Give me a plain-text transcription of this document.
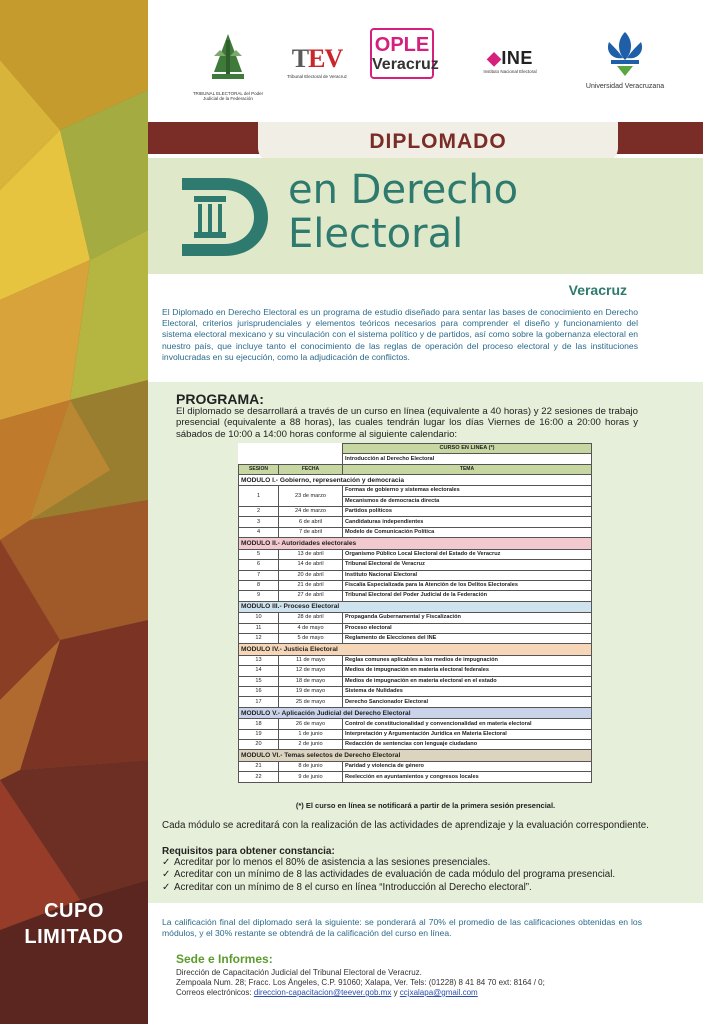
CUPO
LIMITADO
TRIBUNAL ELECTORAL del Poder Judicial de la Federación
TEV
Tribunal Electoral de Veracruz
OPLE
Veracruz	◆INE
Instituto Nacional Electoral
Universidad Veracruzana
DIPLOMADO
en Derecho
Electoral
Veracruz
El Diplomado en Derecho Electoral es un programa de estudio diseñado para sentar las bases de conocimiento en Derecho Electoral, criterios jurisprudenciales y elementos teóricos necesarios para comprender el diseño y funcionamiento del sistema electoral mexicano y su vinculación con el sistema político y de partidos, así como sobre la gobernanza electoral en nuestro país, que incluye tanto el conocimiento de las reglas de operación del proceso electoral y de las instituciones involucradas en su ejecución, como la adjudicación de conflictos.
PROGRAMA:
El diplomado se desarrollará a través de un curso en línea (equivalente a 40 horas) y 22 sesiones de trabajo presencial (equivalente a 88 horas), las cuales tendrán lugar los días Viernes de 16:00 a 20:00 horas y sábados de 10:00 a 14:00 horas conforme al siguiente calendario:
		CURSO EN LINEA (*)
		Introducción al Derecho Electoral
SESION	FECHA	TEMA
MODULO I.- Gobierno, representación y democracia		
1	23 de marzo	Formas de gobierno y sistemas electorales
		Mecanismos de democracia directa
2	24 de marzo	Partidos políticos
3	6 de abril	Candidaturas independientes
4	7 de abril	Modelo de Comunicación Política
MODULO II.- Autoridades electorales		
5	13 de abril	Organismo Público Local Electoral del Estado de Veracruz
6	14 de abril	Tribunal Electoral de Veracruz
7	20 de abril	Instituto Nacional Electoral
8	21 de abril	Fiscalía Especializada para la Atención de los Delitos Electorales
9	27 de abril	Tribunal Electoral del Poder Judicial de la Federación
MODULO III.- Proceso Electoral		
10	28 de abril	Propaganda Gubernamental y Fiscalización
11	4 de mayo	Proceso electoral
12	5 de mayo	Reglamento de Elecciones del INE
MODULO IV.- Justicia Electoral		
13	11 de mayo	Reglas comunes aplicables a los medios de impugnación
14	12 de mayo	Medios de impugnación en materia electoral federales
15	18 de mayo	Medios de impugnación en materia electoral en el estado
16	19 de mayo	Sistema de Nulidades
17	25 de mayo	Derecho Sancionador Electoral
MODULO V.- Aplicación Judicial del Derecho Electoral		
18	26 de mayo	Control de constitucionalidad y convencionalidad en materia electoral
19	1 de junio	Interpretación y Argumentación Jurídica en Materia Electoral
20	2 de junio	Redacción de sentencias con lenguaje ciudadano
MODULO VI.- Temas selectos de Derecho Electoral		
21	8 de junio	Paridad y violencia de género
22	9 de junio	Reelección en ayuntamientos y congresos locales
(*) El curso en línea se notificará a partir de la primera sesión presencial.
Cada módulo se acreditará con la realización de las actividades de aprendizaje y la evaluación correspondiente.
Requisitos para obtener constancia:
✓ Acreditar por lo menos el 80% de asistencia a las sesiones presenciales.
✓ Acreditar con un mínimo de 8 las actividades de evaluación de cada módulo del programa presencial.
✓ Acreditar con un mínimo de 8 el curso en línea “Introducción al Derecho electoral”.
La calificación final del diplomado será la siguiente: se ponderará al 70% el promedio de las calificaciones obtenidas en los módulos, y el 30% restante se obtendrá de la calificación del curso en línea.
Sede e Informes:
Dirección de Capacitación Judicial del Tribunal Electoral de Veracruz.
Zempoala Num. 28; Fracc. Los Ángeles, C.P. 91060; Xalapa, Ver. Tels: (01228) 8 41 84 70 ext: 8164 / 0;
Correos electrónicos: direccion-capacitacion@teever.gob.mx y ccjxalapa@gmail.com
